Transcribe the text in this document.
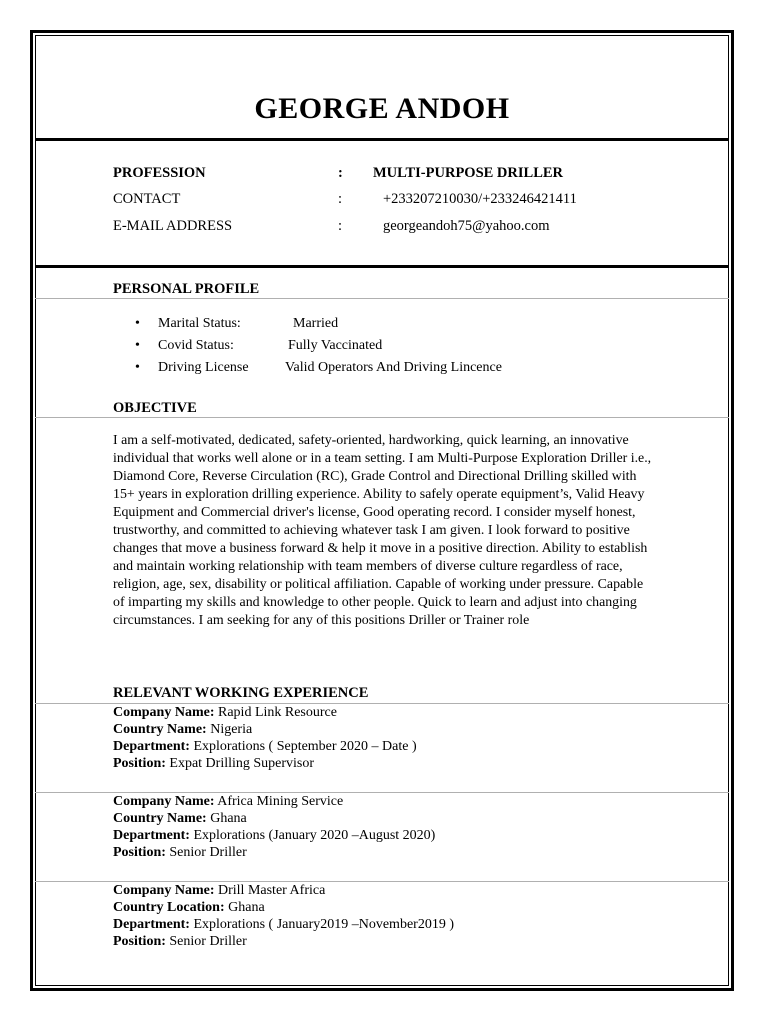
GEORGE ANDOH
PROFESSION	: MULTI-PURPOSE DRILLER
CONTACT	:	+233207210030/+233246421411
E-MAIL ADDRESS	:	georgeandoh75@yahoo.com
PERSONAL PROFILE
• Marital Status:	Married
• Covid Status:	Fully Vaccinated
• Driving License	Valid Operators And Driving Lincence
OBJECTIVE

I am a self-motivated, dedicated, safety-oriented, hardworking, quick learning, an innovative individual that works well alone or in a team setting. I am Multi-Purpose Exploration Driller i.e., Diamond Core, Reverse Circulation (RC), Grade Control and Directional Drilling skilled with 15+ years in exploration drilling experience. Ability to safely operate equipment’s, Valid Heavy Equipment and Commercial driver's license, Good operating record. I consider myself honest, trustworthy, and committed to achieving whatever task I am given. I look forward to positive changes that move a business forward & help it move in a positive direction. Ability to establish and maintain working relationship with team members of diverse culture regardless of race, religion, age, sex, disability or political affiliation. Capable of working under pressure. Capable of imparting my skills and knowledge to other people. Quick to learn and adjust into changing circumstances. I am seeking for any of this positions Driller or Trainer role

RELEVANT WORKING EXPERIENCE
Company Name: Rapid Link Resource
Country Name: Nigeria
Department: Explorations ( September 2020 – Date )
Position: Expat Drilling Supervisor
Company Name: Africa Mining Service
Country Name: Ghana
Department: Explorations (January 2020 –August 2020)
Position: Senior Driller
Company Name: Drill Master Africa
Country Location: Ghana
Department: Explorations ( January2019 –November2019 )
Position: Senior Driller
